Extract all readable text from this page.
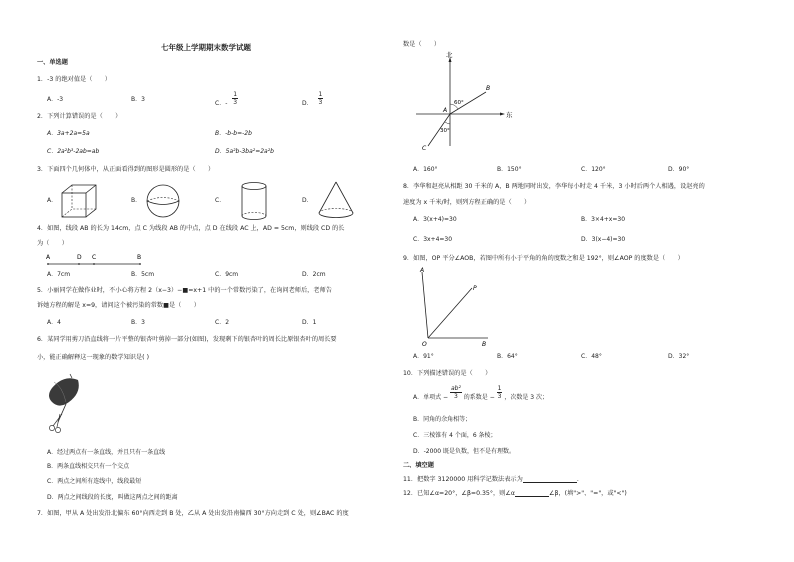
七年级上学期期末数学试题
一、单选题
1．-3 的绝对值是（　　）
A．-3	B．3
C．- $\frac{1}{3}$	D． $\frac{1}{3}$
2．下列计算错误的是（　　）
A．3a+2a=5a	B．-b-b=-2b
C．2a²b³-2ab=ab	D．5a²b-3ba²=2a²b
3．下面四个几何体中，从正面看得到的图形是圆形的是（　　）
A．	B．	C．	D．
4．如图，线段 AB 的长为 14cm，点 C 为线段 AB 的中点，点 D 在线段 AC 上，AD = 5cm，则线段 CD 的长
为（　　）
A	D C	B
A．7cm	B．5cm	C．9cm	D．2cm
5．小丽同学在做作业时，不小心将方程 2（x−3）−■=x+1 中的一个常数污染了，在询问老师后，老师告
诉她方程的解是 x=9，请问这个被污染的常数■是（　　）
A．4	B．3	C．2	D．1
6．某同学用剪刀沿直线将一片平整的银杏叶剪掉一部分(如图)，发现剩下的银杏叶的周长比原银杏叶的周长要
小，能正确解释这一现象的数学知识是( )
A．经过两点有一条直线，并且只有一条直线
B．两条直线相交只有一个交点
C．两点之间所有连线中，线段最短
D．两点之间线段的长度，叫做这两点之间的距离
7．如图，甲从 A 处出发沿北偏东 60°向西走到 B 处，乙从 A 处出发沿南偏西 30°方向走到 C 处，则∠BAC 的度
数是（　　）
北
东
A
B
C
60°
30°
A．160°	B．150°	C．120°	D．90°
8．李华和赵亮从相距 30 千米的 A，B 两地同时出发，李华每小时走 4 千米，3 小时后两个人相遇，设赵亮的
速度为 x 千米/时，则列方程正确的是（　　）
A．3(x+4)=30	B．3×4+x=30
C．3x+4=30	D．3(x−4)=30
9．如图，OP 平分∠AOB，若图中所有小于平角的角的度数之和是 192°，则∠AOP 的度数是（　　）
A
P
O	B
A．91°	B．64°	C．48°	D．32°
10．下列描述错误的是（　　）
A．单项式 − $\frac{\text{ab²}}{3}$ 的系数是 − $\frac{1}{3}$ ，次数是 3 次；
B．同角的余角相等；
C．三棱锥有 4 个面，6 条棱；
D．-2000 既是负数，但不是有理数。
二、填空题
11．把数字 3120000 用科学记数法表示为	.
12．已知∠α=20°，∠β=0.35°，则∠α	∠β，(填">"、"="，或"<")
